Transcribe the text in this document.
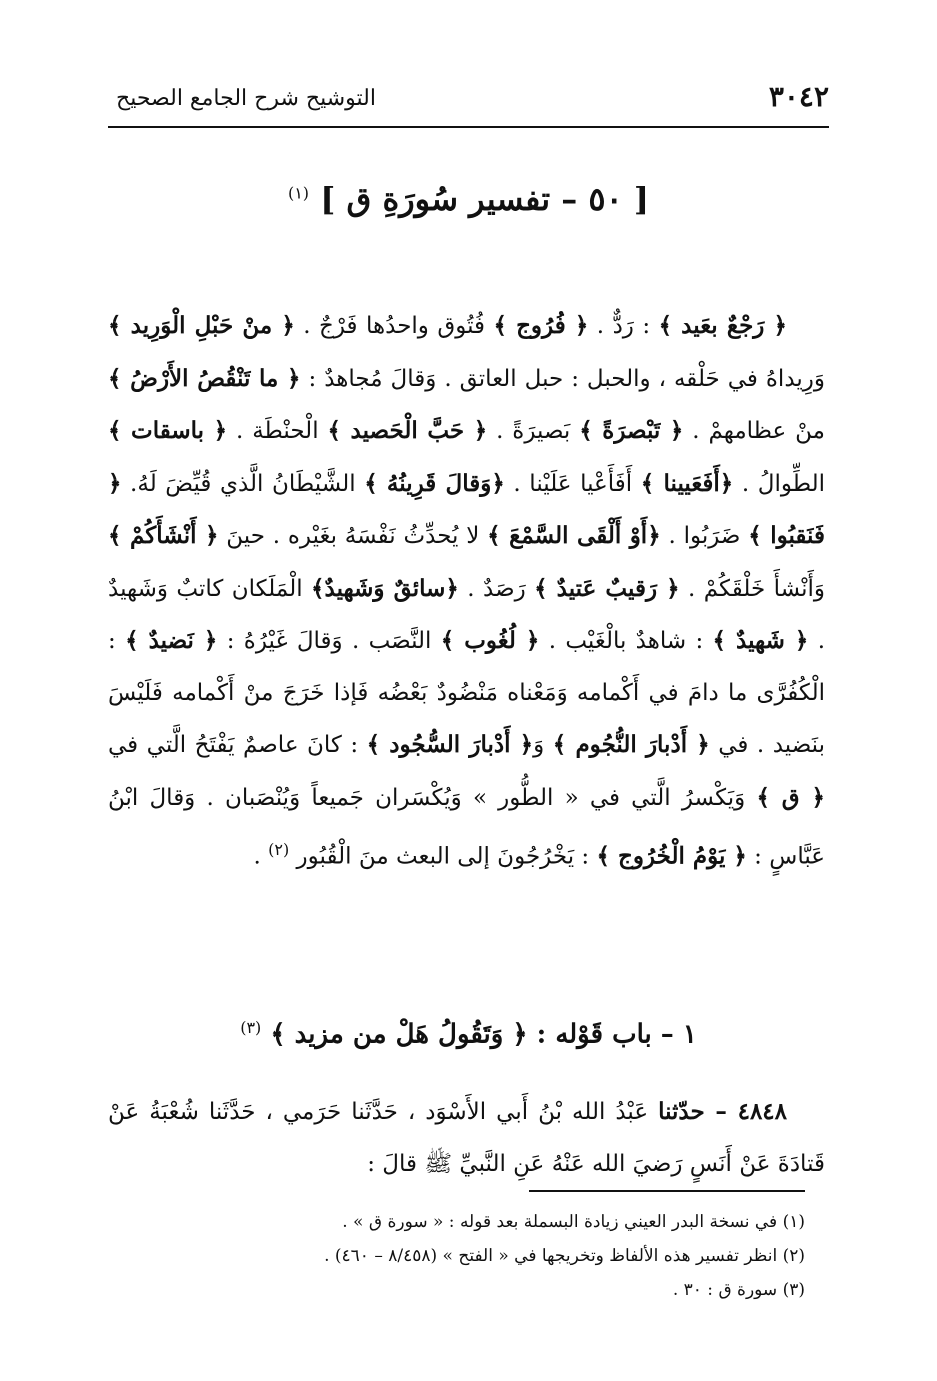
٣٠٤٢
التوشيح شرح الجامع الصحيح
[ ٥٠ – تفسير سُورَةِ ق ] $^{(١)}$

﴿ رَجْعٌ بعَيد ﴾ : رَدٌّ . ﴿ فُرُوج ﴾ فُتُوق واحدُها فَرْجٌ . ﴿ منْ حَبْلِ الْوَرِيد ﴾ وَرِيداهُ في حَلْقه ، والحبل : حبل العاتق . وَقالَ مُجاهدٌ : ﴿ ما تَنْقُصُ الأَرْضُ ﴾ منْ عظامهمْ . ﴿ تَبْصرَةً ﴾ بَصيرَةً . ﴿ حَبَّ الْحَصيد ﴾ الْحنْطَة . ﴿ باسقات ﴾ الطِّوالُ . ﴿أَفَعَيينا ﴾ أَفَأَعْيا عَلَيْنا . ﴿وَقالَ قَرِينُهُ ﴾ الشَّيْطَانُ الَّذي قُيِّضَ لَهُ. ﴿ فَنَقبُوا ﴾ ضَرَبُوا . ﴿أَوْ أَلْقَى السَّمْعَ ﴾ لا يُحدِّثُ نَفْسَهُ بغَيْره . حينَ ﴿ أَنْشَأَكُمْ ﴾ وَأَنْشأَ خَلْقَكُمْ . ﴿ رَقيبٌ عَتيدٌ ﴾ رَصَدٌ . ﴿سائقٌ وَشَهيدٌ﴾ الْمَلَكان كاتبٌ وَشَهيدٌ . ﴿ شَهيدٌ ﴾ : شاهدٌ بالْغَيْب . ﴿ لُغُوب ﴾ النَّصَب . وَقالَ غَيْرُهُ : ﴿ نَضيدٌ ﴾ : الْكُفُرَّى ما دامَ في أَكْمامه وَمَعْناه مَنْضُودٌ بَعْضُه فَإذا خَرَجَ منْ أَكْمامه فَلَيْسَ بنَضيد . في ﴿ أَدْبارَ النُّجُوم ﴾ وَ﴿ أَدْبارَ السُّجُود ﴾ : كانَ عاصمٌ يَفْتَحُ الَّتي في ﴿ ق ﴾ وَيَكْسرُ الَّتي في « الطُّور » وَيُكْسَران جَميعاً وَيُنْصَبان . وَقالَ ابْنُ عَبَّاسٍ : ﴿ يَوْمُ الْخُرُوج ﴾ : يَخْرُجُونَ إلى البعث منَ الْقُبُور $^{(٢)}$ .

١ – باب قَوْله : ﴿ وَتَقُولُ هَلْ من مزيد ﴾ $^{(٣)}$

٤٨٤٨ – حدّثنا عَبْدُ الله بْنُ أَبي الأَسْوَد ، حَدَّثَنا حَرَمي ، حَدَّثَنا شُعْبَةُ عَنْ قَتادَةَ عَنْ أَنَسٍ رَضيَ الله عَنْهُ عَنِ النَّبيِّ ﷺ قالَ :

(١) في نسخة البدر العيني زيادة البسملة بعد قوله : « سورة ق » .
(٢) انظر تفسير هذه الألفاظ وتخريجها في « الفتح » (٨/٤٥٨ – ٤٦٠) .
(٣) سورة ق : ٣٠ .
